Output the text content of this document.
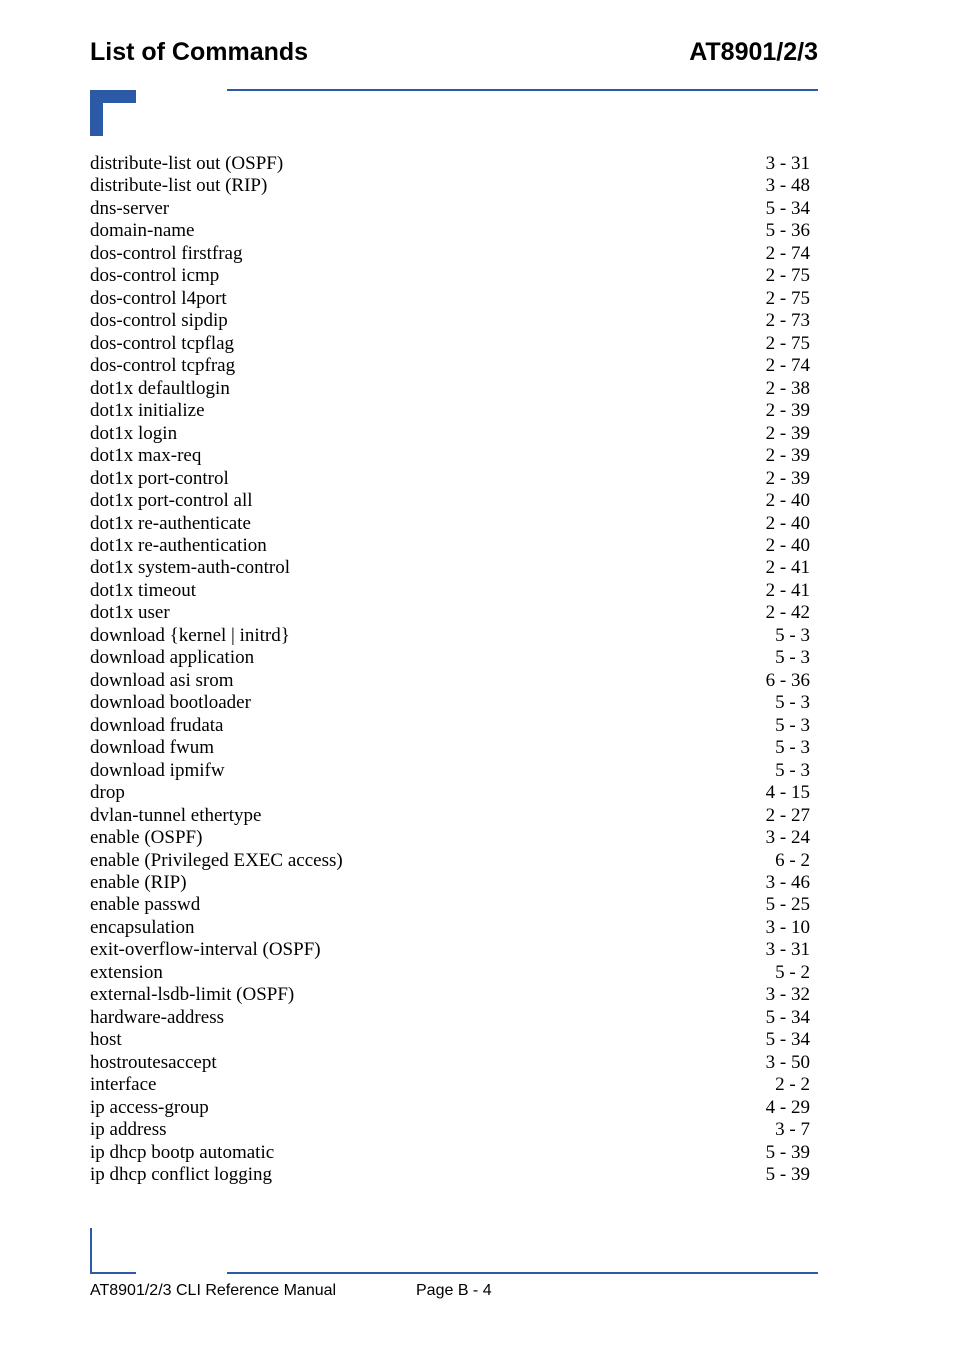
List of Commands	AT8901/2/3
distribute-list out (OSPF)	3 - 31
distribute-list out (RIP)	3 - 48
dns-server	5 - 34
domain-name	5 - 36
dos-control firstfrag	2 - 74
dos-control icmp	2 - 75
dos-control l4port	2 - 75
dos-control sipdip	2 - 73
dos-control tcpflag	2 - 75
dos-control tcpfrag	2 - 74
dot1x defaultlogin	2 - 38
dot1x initialize	2 - 39
dot1x login	2 - 39
dot1x max-req	2 - 39
dot1x port-control	2 - 39
dot1x port-control all	2 - 40
dot1x re-authenticate	2 - 40
dot1x re-authentication	2 - 40
dot1x system-auth-control	2 - 41
dot1x timeout	2 - 41
dot1x user	2 - 42
download {kernel | initrd}	5 - 3
download application	5 - 3
download asi srom	6 - 36
download bootloader	5 - 3
download frudata	5 - 3
download fwum	5 - 3
download ipmifw	5 - 3
drop	4 - 15
dvlan-tunnel ethertype	2 - 27
enable (OSPF)	3 - 24
enable (Privileged EXEC access)	6 - 2
enable (RIP)	3 - 46
enable passwd	5 - 25
encapsulation	3 - 10
exit-overflow-interval (OSPF)	3 - 31
extension	5 - 2
external-lsdb-limit (OSPF)	3 - 32
hardware-address	5 - 34
host	5 - 34
hostroutesaccept	3 - 50
interface	2 - 2
ip access-group	4 - 29
ip address	3 - 7
ip dhcp bootp automatic	5 - 39
ip dhcp conflict logging	5 - 39
AT8901/2/3 CLI Reference Manual	Page B - 4
